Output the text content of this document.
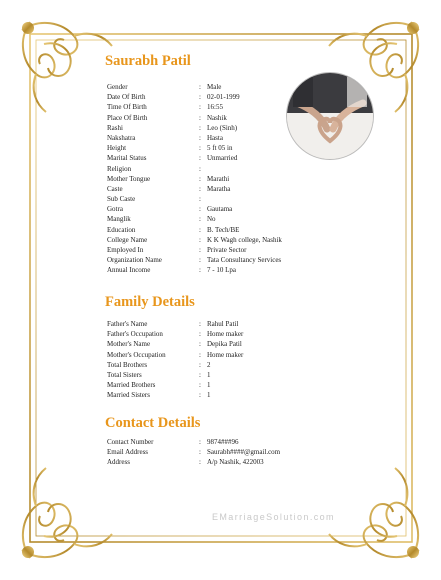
Saurabh Patil
Gender	: Male
Date Of Birth	: 02-01-1999
Time Of Birth	: 16:55
Place Of Birth	: Nashik
Rashi	: Leo (Sinh)
Nakshatra	: Hasta
Height	: 5 ft 05 in
Marital Status	: Unmarried
Religion	:
Mother Tongue	: Marathi
Caste	: Maratha
Sub Caste	:
Gotra	: Gautama
Manglik	: No
Education	: B. Tech/BE
College Name	: K K Wagh college, Nashik
Employed In	: Private Sector
Organization Name	: Tata Consultancy Services
Annual Income	: 7 - 10 Lpa
Family Details
Father's Name	: Rahul Patil
Father's Occupation	: Home maker
Mother's Name	: Depika Patil
Mother's Occupation	: Home maker
Total Brothers	: 2
Total Sisters	: 1
Married Brothers	: 1
Married Sisters	: 1
Contact Details
Contact Number	: 9874###96
Email Address	: Saurabh####@gmail.com
Address	: A/p Nashik, 422003
EMarriageSolution.com
